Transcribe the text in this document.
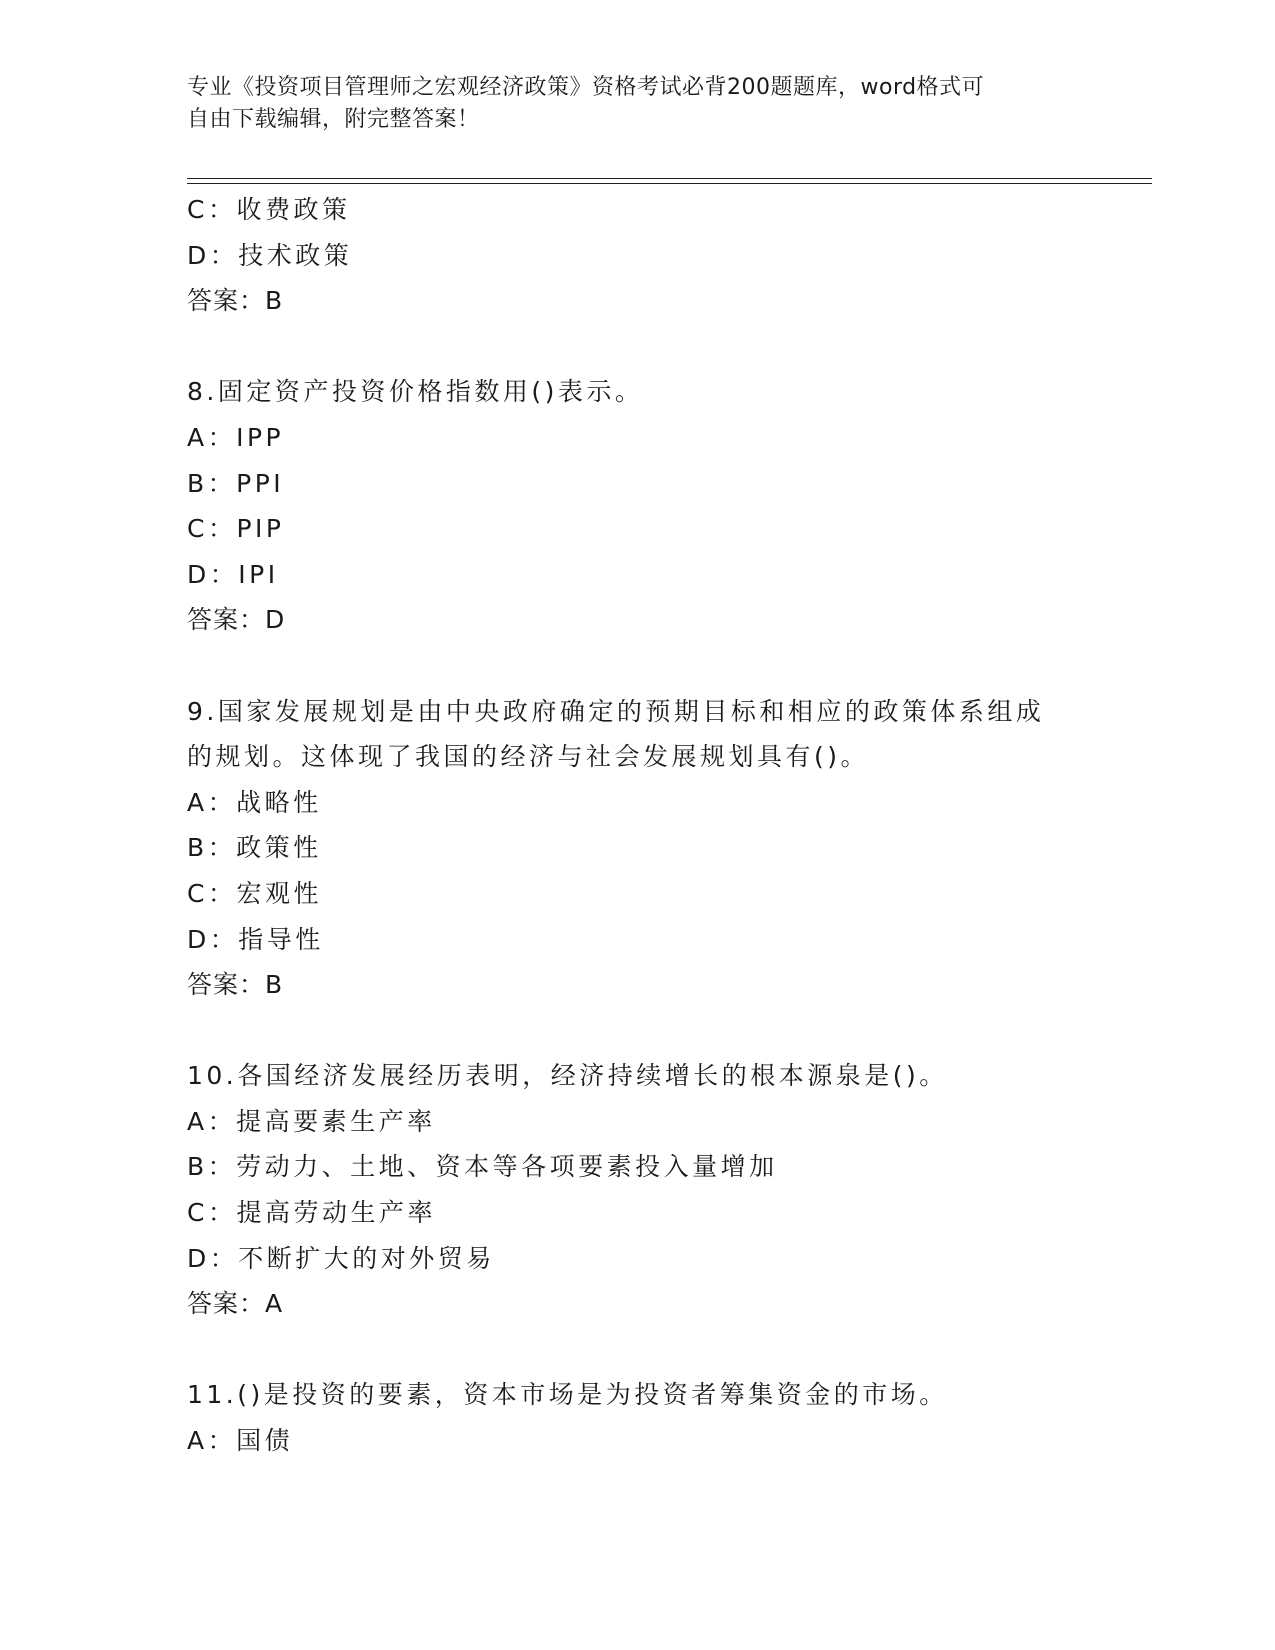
专业《投资项目管理师之宏观经济政策》资格考试必背200题题库，word格式可
自由下载编辑，附完整答案！
C：收费政策
D：技术政策
答案：B
8.固定资产投资价格指数用()表示。
A：IPP
B：PPI
C：PIP
D：IPI
答案：D
9.国家发展规划是由中央政府确定的预期目标和相应的政策体系组成
的规划。这体现了我国的经济与社会发展规划具有()。
A：战略性
B：政策性
C：宏观性
D：指导性
答案：B
10.各国经济发展经历表明，经济持续增长的根本源泉是()。
A：提高要素生产率
B：劳动力、土地、资本等各项要素投入量增加
C：提高劳动生产率
D：不断扩大的对外贸易
答案：A
11.()是投资的要素，资本市场是为投资者筹集资金的市场。
A：国债
